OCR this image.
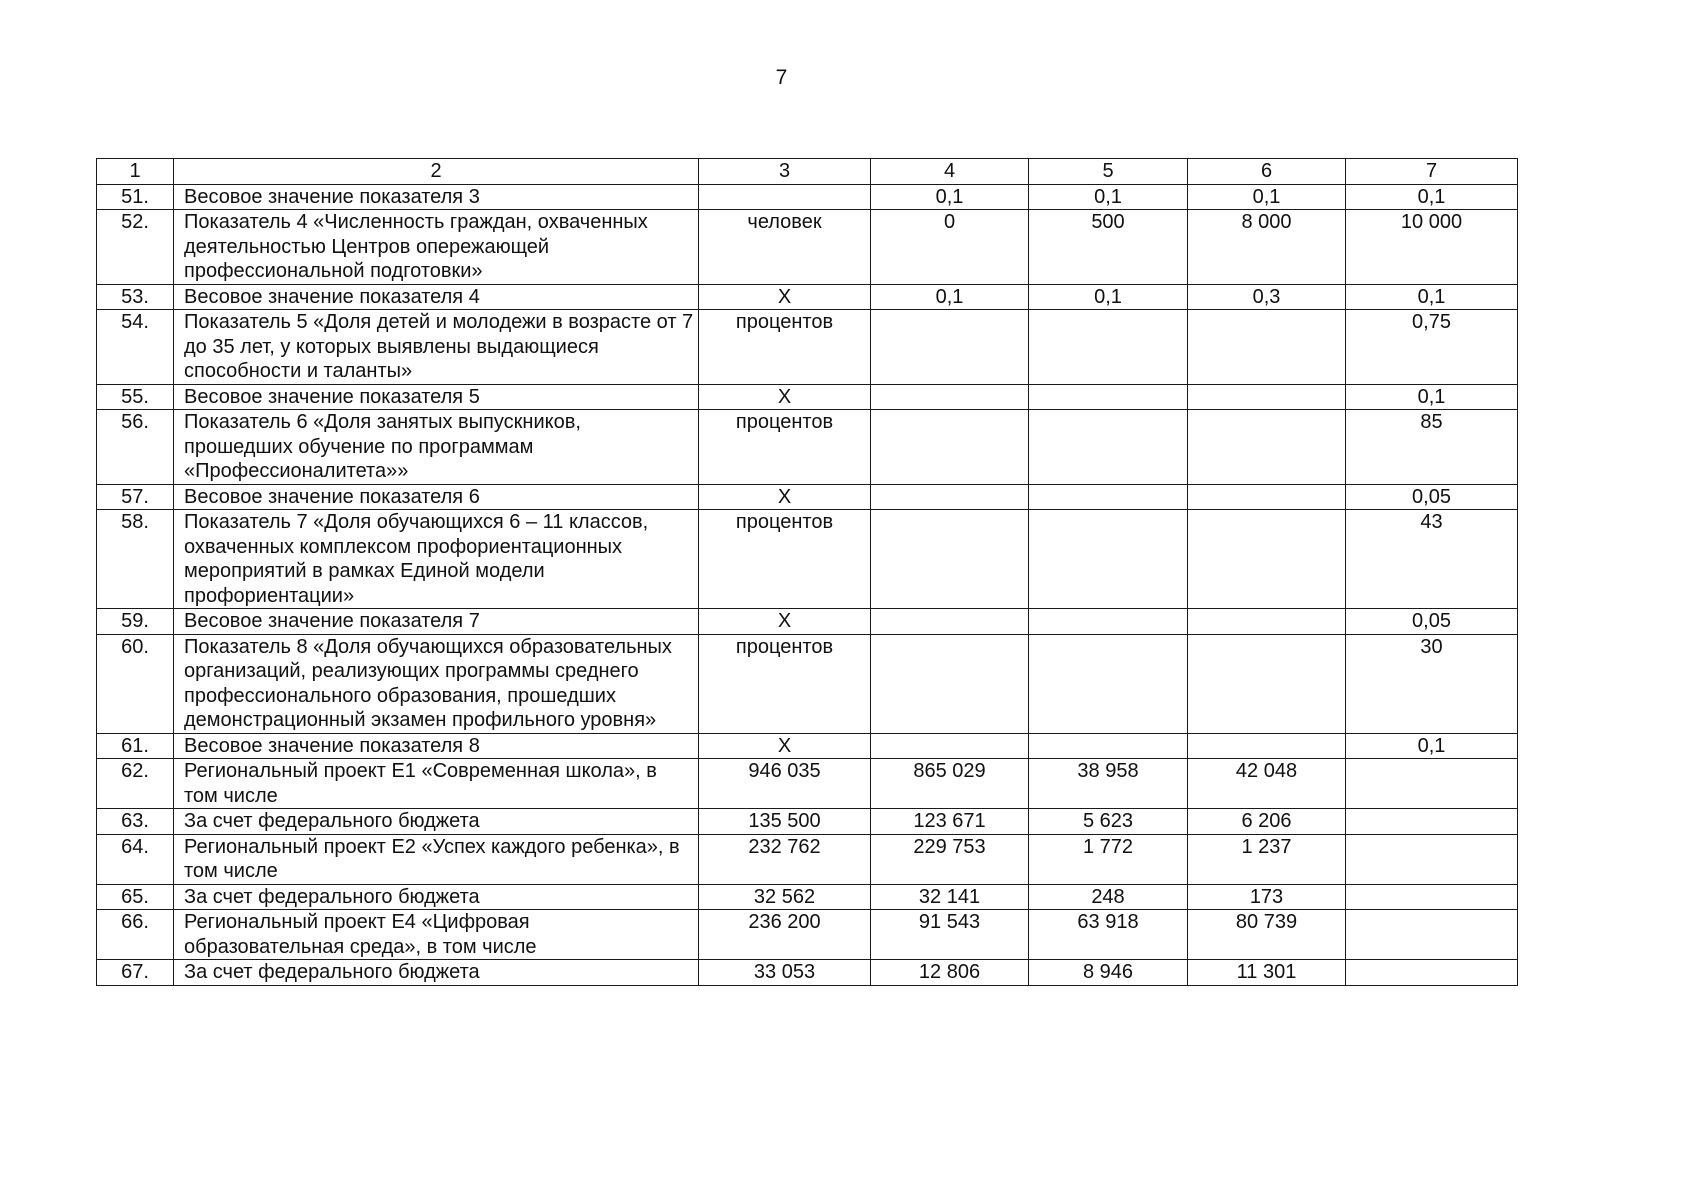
7
1	2	3	4	5	6	7
51.	Весовое значение показателя 3		0,1	0,1	0,1	0,1
52.	Показатель 4 «Численность граждан, охваченных деятельностью Центров опережающей профессиональной подготовки»	человек	0	500	8 000	10 000
53.	Весовое значение показателя 4	Х	0,1	0,1	0,3	0,1
54.	Показатель 5 «Доля детей и молодежи в возрасте от 7 до 35 лет, у которых выявлены выдающиеся способности и таланты»	процентов				0,75
55.	Весовое значение показателя 5	Х				0,1
56.	Показатель 6 «Доля занятых выпускников, прошедших обучение по программам «Профессионалитета»»	процентов				85
57.	Весовое значение показателя 6	Х				0,05
58.	Показатель 7 «Доля обучающихся 6 – 11 классов, охваченных комплексом профориентационных мероприятий в рамках Единой модели профориентации»	процентов				43
59.	Весовое значение показателя 7	Х				0,05
60.	Показатель 8 «Доля обучающихся образовательных организаций, реализующих программы среднего профессионального образования, прошедших демонстрационный экзамен профильного уровня»	процентов				30
61.	Весовое значение показателя 8	Х				0,1
62.	Региональный проект Е1 «Современная школа», в том числе	946 035	865 029	38 958	42 048	
63.	За счет федерального бюджета	135 500	123 671	5 623	6 206	
64.	Региональный проект Е2 «Успех каждого ребенка», в том числе	232 762	229 753	1 772	1 237	
65.	За счет федерального бюджета	32 562	32 141	248	173	
66.	Региональный проект Е4 «Цифровая образовательная среда», в том числе	236 200	91 543	63 918	80 739	
67.	За счет федерального бюджета	33 053	12 806	8 946	11 301	
